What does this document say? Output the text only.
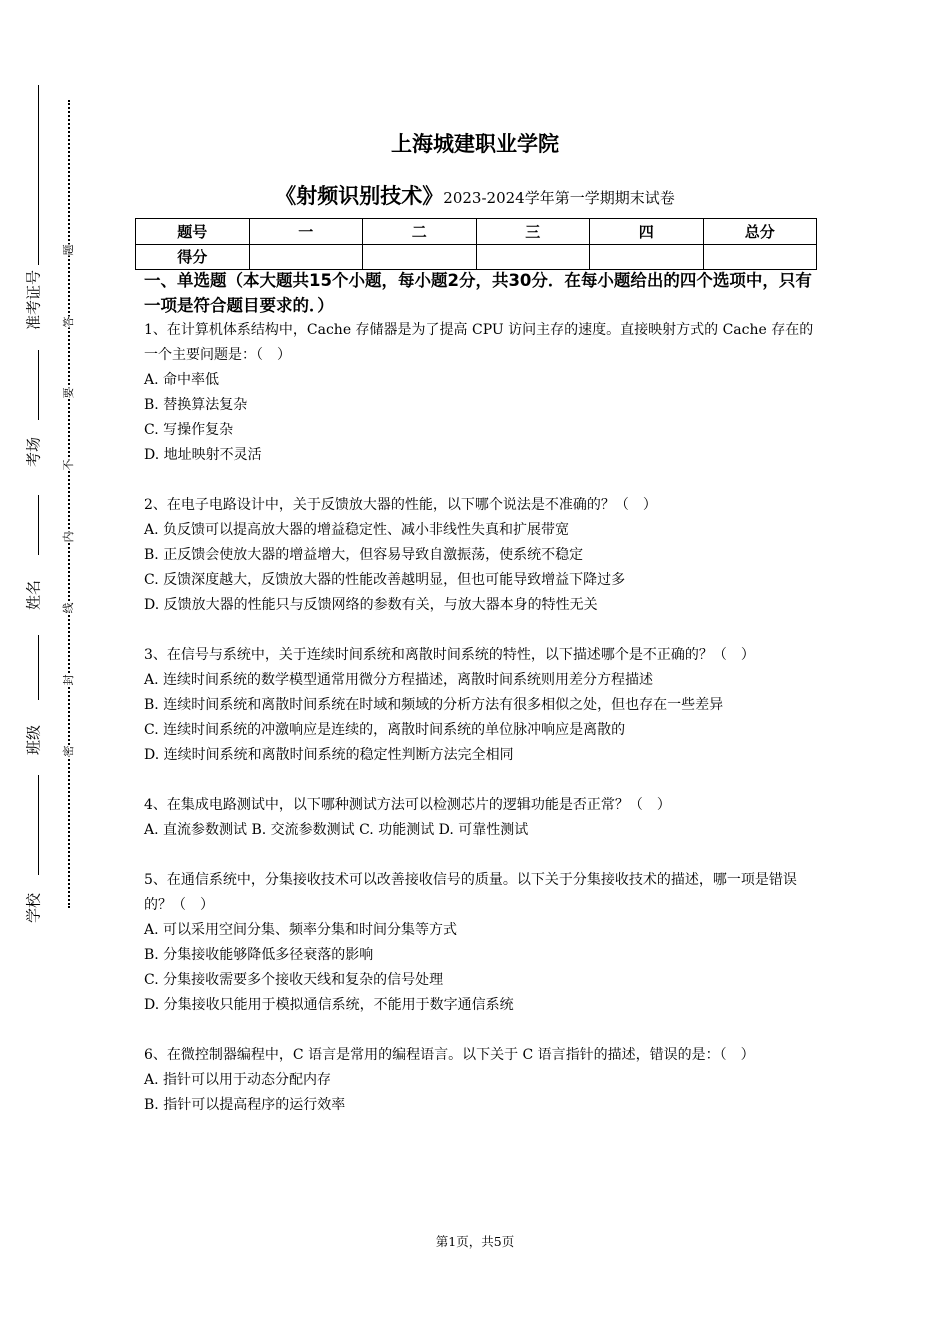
准考证号
考场
姓名
班级
学校
题
答
要
不
内
线
封
密
上海城建职业学院
《射频识别技术》2023-2024学年第一学期期末试卷
题号	一	二	三	四	总分
得分					
一、单选题（本大题共15个小题，每小题2分，共30分．在每小题给出的四个选项中，只有一项是符合题目要求的．）
1、在计算机体系结构中，Cache 存储器是为了提高 CPU 访问主存的速度。直接映射方式的 Cache 存在的一个主要问题是：（　）
A. 命中率低
B. 替换算法复杂
C. 写操作复杂
D. 地址映射不灵活
2、在电子电路设计中，关于反馈放大器的性能，以下哪个说法是不准确的？（　）
A. 负反馈可以提高放大器的增益稳定性、减小非线性失真和扩展带宽
B. 正反馈会使放大器的增益增大，但容易导致自激振荡，使系统不稳定
C. 反馈深度越大，反馈放大器的性能改善越明显，但也可能导致增益下降过多
D. 反馈放大器的性能只与反馈网络的参数有关，与放大器本身的特性无关
3、在信号与系统中，关于连续时间系统和离散时间系统的特性，以下描述哪个是不正确的？（　）
A. 连续时间系统的数学模型通常用微分方程描述，离散时间系统则用差分方程描述
B. 连续时间系统和离散时间系统在时域和频域的分析方法有很多相似之处，但也存在一些差异
C. 连续时间系统的冲激响应是连续的，离散时间系统的单位脉冲响应是离散的
D. 连续时间系统和离散时间系统的稳定性判断方法完全相同
4、在集成电路测试中，以下哪种测试方法可以检测芯片的逻辑功能是否正常？（　）
A. 直流参数测试 B. 交流参数测试 C. 功能测试 D. 可靠性测试
5、在通信系统中，分集接收技术可以改善接收信号的质量。以下关于分集接收技术的描述，哪一项是错误的？（　）
A. 可以采用空间分集、频率分集和时间分集等方式
B. 分集接收能够降低多径衰落的影响
C. 分集接收需要多个接收天线和复杂的信号处理
D. 分集接收只能用于模拟通信系统，不能用于数字通信系统
6、在微控制器编程中，C 语言是常用的编程语言。以下关于 C 语言指针的描述，错误的是：（　）
A. 指针可以用于动态分配内存
B. 指针可以提高程序的运行效率
第1页，共5页
